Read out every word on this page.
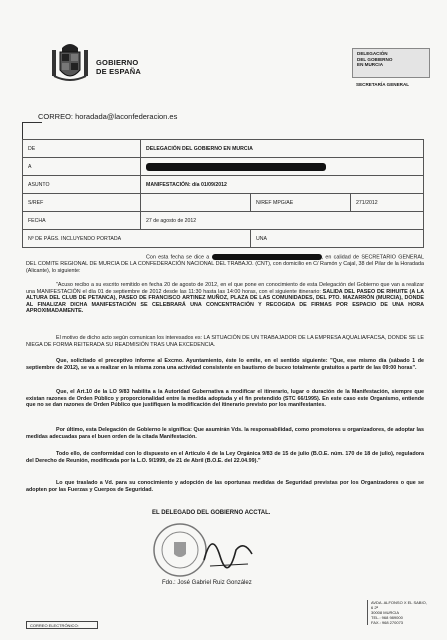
GOBIERNO
DE ESPAÑA
DELEGACIÓN
DEL GOBIERNO
EN MURCIA
SECRETARÍA GENERAL
CORREO: horadada@laconfederacion.es
DE	DELEGACIÓN DEL GOBIERNO EN MURCIA		
A			
ASUNTO	MANIFESTACIÓN: día 01/09/2012		
S/REF		N/REF MPG/AE	271/2012
FECHA	27 de agosto de 2012		
Nº DE PÁGS. INCLUYENDO PORTADA		UNA	
Con esta fecha se dice a	, en calidad de SECRETARIO GENERAL DEL COMITE REGIONAL DE MURCIA DE LA CONFEDERACIÓN NACIONAL DEL TRABAJO. (CNT), con domicilio en C/ Ramón y Cajal, 38 del Pilar de la Horadada (Alicante), lo siguiente:
"Acuso recibo a su escrito remitido en fecha 20 de agosto de 2012, en el que pone en conocimiento de esta Delegación del Gobierno que van a realizar una MANIFESTACIÓN el día 01 de septiembre de 2012 desde las 11:30 hasta las 14:00 horas, con el siguiente itinerario: SALIDA DEL PASEO DE RIHUITE (A LA ALTURA DEL CLUB DE PETANCA), PASEO DE FRANCISCO ARTINEZ MUÑOZ, PLAZA DE LAS COMUNIDADES, DEL PTO. MAZARRÓN (MURCIA), DONDE AL FINALIZAR DICHA MANIFESTACIÓN SE CELEBRARÁ UNA CONCENTRACIÓN Y RECOGIDA DE FIRMAS POR ESPACIO DE UNA HORA APROXIMADAMENTE.
El motivo de dicho acto según comunican los interesados es: LA SITUACIÓN DE UN TRABAJADOR DE LA EMPRESA AQUALIA/FACSA, DONDE SE LE NIEGA DE FORMA REITERADA SU READMISIÓN TRAS UNA EXCEDENCIA.
Que, solicitado el preceptivo informe al Excmo. Ayuntamiento, éste lo emite, en el sentido siguiente: "Que, ese mismo día (sábado 1 de septiembre de 2012), se va a realizar en la misma zona una actividad consistente en bautismo de buceo totalmente gratuitos a partir de las 09:00 horas".
Que, el Art.10 de la LO 9/83 habilita a la Autoridad Gubernativa a modificar el itinerario, lugar o duración de la Manifestación, siempre que existan razones de Orden Público y proporcionalidad entre la medida adoptada y el fin pretendido (STC 66/1995). En este caso este Organismo, entiende que no se dan razones de Orden Público que justifiquen la modificación del itinerario previsto por los manifestantes.
Por último, esta Delegación de Gobierno le significa: Que asumirán Vds. la responsabilidad, como promotores u organizadores, de adoptar las medidas adecuadas para el buen orden de la citada Manifestación.
Todo ello, de conformidad con lo dispuesto en el Artículo 4 de la Ley Orgánica 9/83 de 15 de julio (B.O.E. núm. 170 de 18 de julio), reguladora del Derecho de Reunión, modificada por la L.O. 9/1999, de 21 de Abril (B.O.E. del 22.04.99)."
Lo que traslado a Vd. para su conocimiento y adopción de las oportunas medidas de Seguridad previstas por los Organizadores o que se adopten por las Fuerzas y Cuerpos de Seguridad.
EL DELEGADO DEL GOBIERNO ACCTAL.
Fdo.: José Gabriel Ruiz González
CORREO ELECTRÓNICO:
AVDA. ALFONSO X EL SABIO, 6 2ª
30008 MURCIA
TEL.: 968 989000
FAX.: 968 270073
